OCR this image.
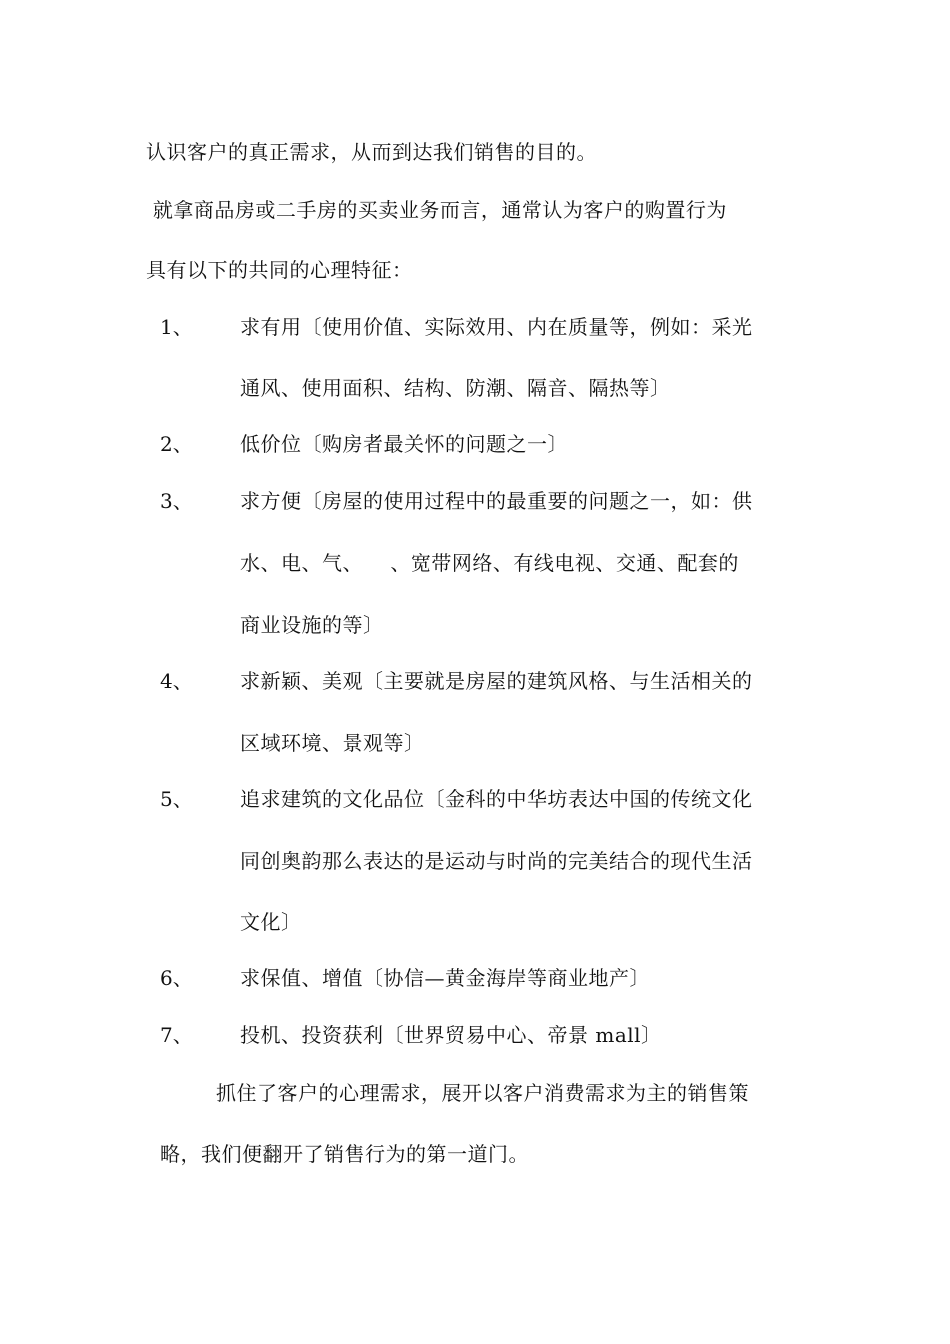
认识客户的真正需求，从而到达我们销售的目的。
就拿商品房或二手房的买卖业务而言，通常认为客户的购置行为
具有以下的共同的心理特征：
1、 求有用〔使用价值、实际效用、内在质量等，例如：采光
通风、使用面积、结构、防潮、隔音、隔热等〕
2、 低价位〔购房者最关怀的问题之一〕
3、 求方便〔房屋的使用过程中的最重要的问题之一，如：供
水、电、气、    、宽带网络、有线电视、交通、配套的
商业设施的等〕
4、 求新颖、美观〔主要就是房屋的建筑风格、与生活相关的
区域环境、景观等〕
5、 追求建筑的文化品位〔金科的中华坊表达中国的传统文化
同创奥韵那么表达的是运动与时尚的完美结合的现代生活
文化〕
6、 求保值、增值〔协信—黄金海岸等商业地产〕
7、 投机、投资获利〔世界贸易中心、帝景 mall〕
抓住了客户的心理需求，展开以客户消费需求为主的销售策
略，我们便翻开了销售行为的第一道门。
